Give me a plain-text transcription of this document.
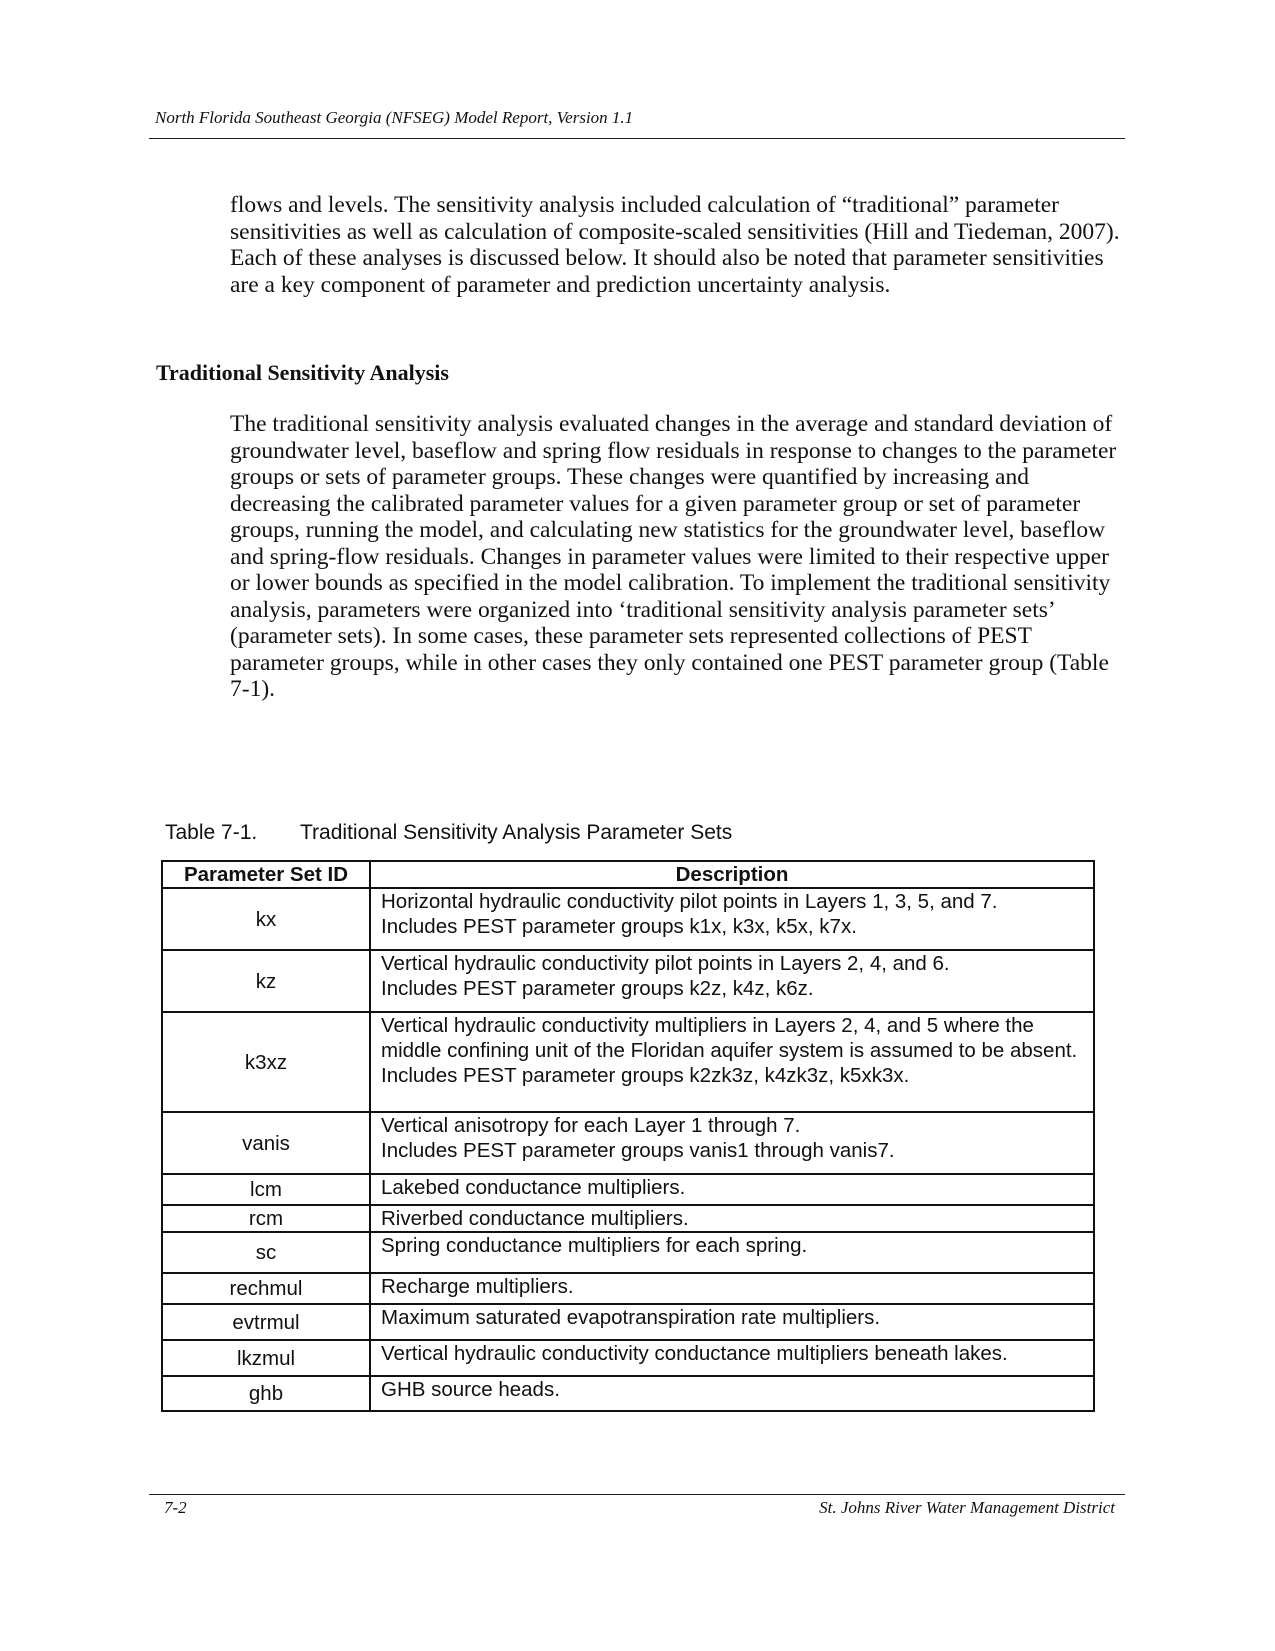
North Florida Southeast Georgia (NFSEG) Model Report, Version 1.1

flows and levels. The sensitivity analysis included calculation of “traditional” parameter sensitivities as well as calculation of composite-scaled sensitivities (Hill and Tiedeman, 2007). Each of these analyses is discussed below. It should also be noted that parameter sensitivities are a key component of parameter and prediction uncertainty analysis.

Traditional Sensitivity Analysis

The traditional sensitivity analysis evaluated changes in the average and standard deviation of groundwater level, baseflow and spring flow residuals in response to changes to the parameter groups or sets of parameter groups. These changes were quantified by increasing and decreasing the calibrated parameter values for a given parameter group or set of parameter groups, running the model, and calculating new statistics for the groundwater level, baseflow and spring-flow residuals. Changes in parameter values were limited to their respective upper or lower bounds as specified in the model calibration. To implement the traditional sensitivity analysis, parameters were organized into ‘traditional sensitivity analysis parameter sets’ (parameter sets). In some cases, these parameter sets represented collections of PEST parameter groups, while in other cases they only contained one PEST parameter group (Table 7-1).

Table 7-1. Traditional Sensitivity Analysis Parameter Sets
Parameter Set ID	Description
kx	Horizontal hydraulic conductivity pilot points in Layers 1, 3, 5, and 7.
Includes PEST parameter groups k1x, k3x, k5x, k7x.
kz	Vertical hydraulic conductivity pilot points in Layers 2, 4, and 6.
Includes PEST parameter groups k2z, k4z, k6z.
k3xz	Vertical hydraulic conductivity multipliers in Layers 2, 4, and 5 where the middle confining unit of the Floridan aquifer system is assumed to be absent. Includes PEST parameter groups k2zk3z, k4zk3z, k5xk3x.
vanis	Vertical anisotropy for each Layer 1 through 7.
Includes PEST parameter groups vanis1 through vanis7.
lcm	Lakebed conductance multipliers.
rcm	Riverbed conductance multipliers.
sc	Spring conductance multipliers for each spring.
rechmul	Recharge multipliers.
evtrmul	Maximum saturated evapotranspiration rate multipliers.
lkzmul	Vertical hydraulic conductivity conductance multipliers beneath lakes.
ghb	GHB source heads.
7-2	St. Johns River Water Management District
